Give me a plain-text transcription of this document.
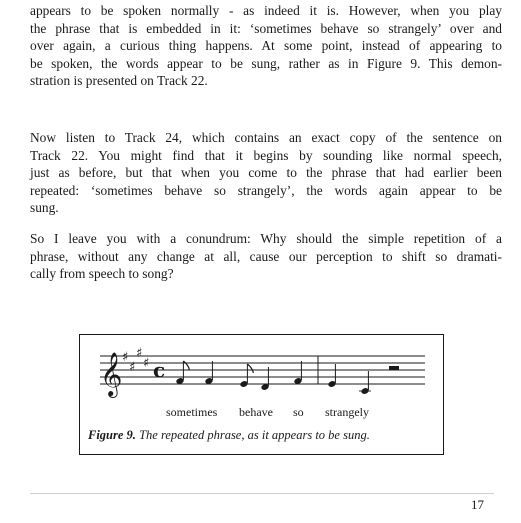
appears to be spoken normally - as indeed it is. However, when you play
the phrase that is embedded in it: ‘sometimes behave so strangely’ over and
over again, a curious thing happens. At some point, instead of appearing to
be spoken, the words appear to be sung, rather as in Figure 9. This demon-
stration is presented on Track 22.
Now listen to Track 24, which contains an exact copy of the sentence on
Track 22. You might find that it begins by sounding like normal speech,
just as before, but that when you come to the phrase that had earlier been
repeated: ‘sometimes behave so strangely’, the words again appear to be
sung.
So I leave you with a conundrum: Why should the simple repetition of a
phrase, without any change at all, cause our perception to shift so dramati-
cally from speech to song?
𝄞 ♯
♯
♯
♯ c
sometimes behave so strangely
Figure 9. The repeated phrase, as it appears to be sung.
17
